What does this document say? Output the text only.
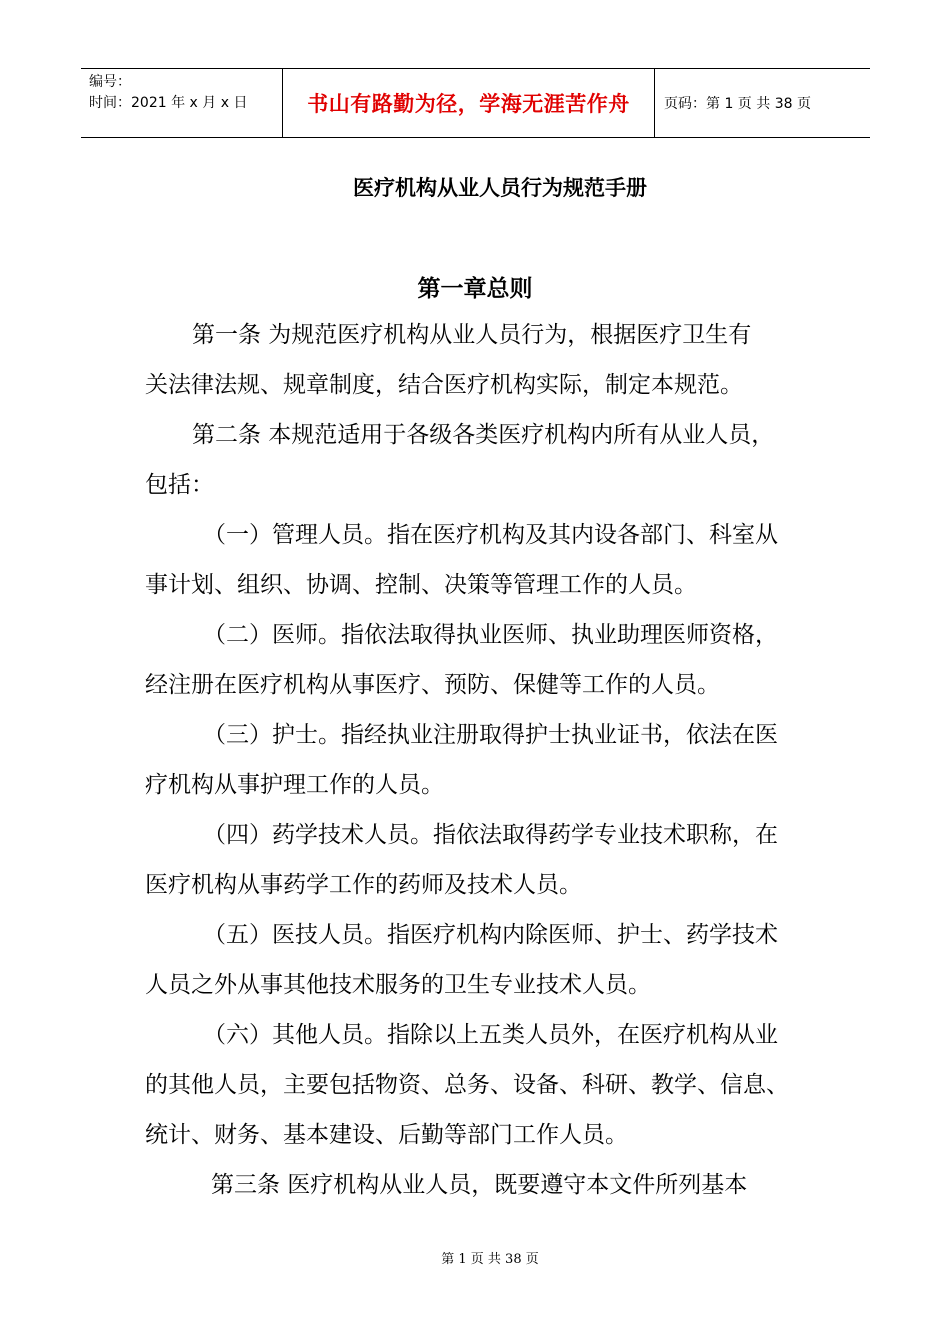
编号：
时间：2021 年 x 月 x 日	书山有路勤为径，学海无涯苦作舟 页码：第 1 页 共 38 页
医疗机构从业人员行为规范手册
第一章总则

第一条 为规范医疗机构从业人员行为，根据医疗卫生有
关法律法规、规章制度，结合医疗机构实际，制定本规范。

第二条 本规范适用于各级各类医疗机构内所有从业人员，
包括：

（一）管理人员。指在医疗机构及其内设各部门、科室从
事计划、组织、协调、控制、决策等管理工作的人员。

（二）医师。指依法取得执业医师、执业助理医师资格，
经注册在医疗机构从事医疗、预防、保健等工作的人员。

（三）护士。指经执业注册取得护士执业证书，依法在医
疗机构从事护理工作的人员。

（四）药学技术人员。指依法取得药学专业技术职称，在
医疗机构从事药学工作的药师及技术人员。

（五）医技人员。指医疗机构内除医师、护士、药学技术
人员之外从事其他技术服务的卫生专业技术人员。

（六）其他人员。指除以上五类人员外，在医疗机构从业
的其他人员，主要包括物资、总务、设备、科研、教学、信息、
统计、财务、基本建设、后勤等部门工作人员。

第三条 医疗机构从业人员，既要遵守本文件所列基本

第 1 页 共 38 页
